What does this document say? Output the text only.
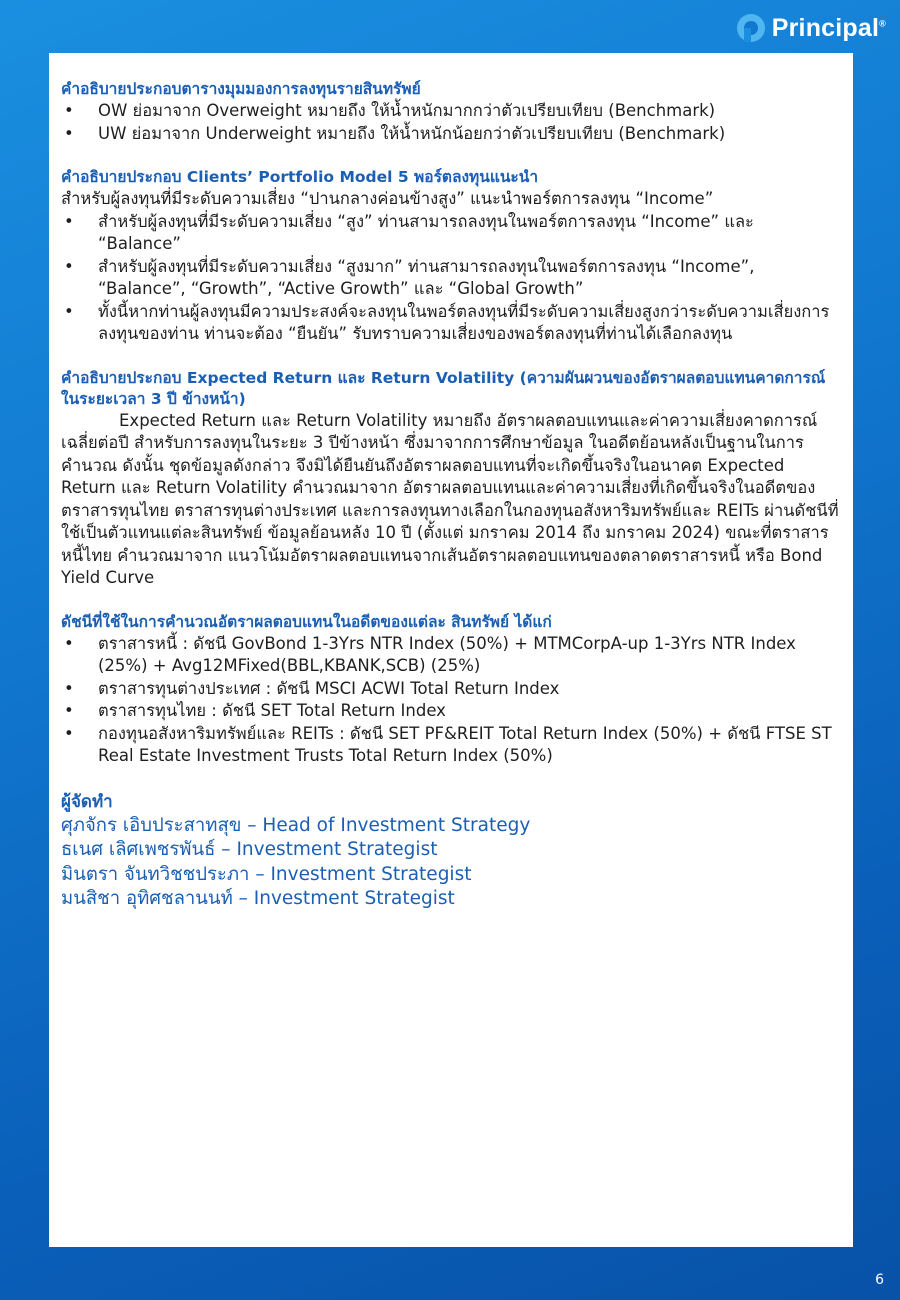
Principal®

คำอธิบายประกอบตารางมุมมองการลงทุนรายสินทรัพย์

• OW ย่อมาจาก Overweight หมายถึง ให้น้ำหนักมากกว่าตัวเปรียบเทียบ (Benchmark)
• UW ย่อมาจาก Underweight หมายถึง ให้น้ำหนักน้อยกว่าตัวเปรียบเทียบ (Benchmark)

คำอธิบายประกอบ Clients’ Portfolio Model 5 พอร์ตลงทุนแนะนำ

สำหรับผู้ลงทุนที่มีระดับความเสี่ยง “ปานกลางค่อนข้างสูง” แนะนำพอร์ตการลงทุน “Income”

• สำหรับผู้ลงทุนที่มีระดับความเสี่ยง “สูง” ท่านสามารถลงทุนในพอร์ตการลงทุน “Income” และ “Balance”
• สำหรับผู้ลงทุนที่มีระดับความเสี่ยง “สูงมาก” ท่านสามารถลงทุนในพอร์ตการลงทุน “Income”, “Balance”, “Growth”, “Active Growth” และ “Global Growth”
• ทั้งนี้หากท่านผู้ลงทุนมีความประสงค์จะลงทุนในพอร์ตลงทุนที่มีระดับความเสี่ยงสูงกว่าระดับความเสี่ยงการลงทุนของท่าน ท่านจะต้อง “ยืนยัน” รับทราบความเสี่ยงของพอร์ตลงทุนที่ท่านได้เลือกลงทุน

คำอธิบายประกอบ Expected Return และ Return Volatility (ความผันผวนของอัตราผลตอบแทนคาดการณ์ในระยะเวลา 3 ปี ข้างหน้า)

Expected Return และ Return Volatility หมายถึง อัตราผลตอบแทนและค่าความเสี่ยงคาดการณ์เฉลี่ยต่อปี สำหรับการลงทุนในระยะ 3 ปีข้างหน้า ซึ่งมาจากการศึกษาข้อมูล ในอดีตย้อนหลังเป็นฐานในการคำนวณ ดังนั้น ชุดข้อมูลดังกล่าว จึงมิได้ยืนยันถึงอัตราผลตอบแทนที่จะเกิดขึ้นจริงในอนาคต Expected Return และ Return Volatility คำนวณมาจาก อัตราผลตอบแทนและค่าความเสี่ยงที่เกิดขึ้นจริงในอดีตของตราสารทุนไทย ตราสารทุนต่างประเทศ และการลงทุนทางเลือกในกองทุนอสังหาริมทรัพย์และ REITs ผ่านดัชนีที่ใช้เป็นตัวแทนแต่ละสินทรัพย์ ข้อมูลย้อนหลัง 10 ปี (ตั้งแต่ มกราคม 2014 ถึง มกราคม 2024) ขณะที่ตราสารหนี้ไทย คำนวณมาจาก แนวโน้มอัตราผลตอบแทนจากเส้นอัตราผลตอบแทนของตลาดตราสารหนี้ หรือ Bond Yield Curve

ดัชนีที่ใช้ในการคำนวณอัตราผลตอบแทนในอดีตของแต่ละ สินทรัพย์ ได้แก่

• ตราสารหนี้ : ดัชนี GovBond 1-3Yrs NTR Index (50%) + MTMCorpA-up 1-3Yrs NTR Index (25%) + Avg12MFixed(BBL,KBANK,SCB) (25%)
• ตราสารทุนต่างประเทศ : ดัชนี MSCI ACWI Total Return Index
• ตราสารทุนไทย : ดัชนี SET Total Return Index
• กองทุนอสังหาริมทรัพย์และ REITs : ดัชนี SET PF&REIT Total Return Index (50%) + ดัชนี FTSE ST Real Estate Investment Trusts Total Return Index (50%)

ผู้จัดทำ

ศุภจักร เอิบประสาทสุข – Head of Investment Strategy

ธเนศ เลิศเพชรพันธ์ – Investment Strategist

มินตรา จันทวิชชประภา – Investment Strategist

มนสิชา อุทิศชลานนท์ – Investment Strategist

6
